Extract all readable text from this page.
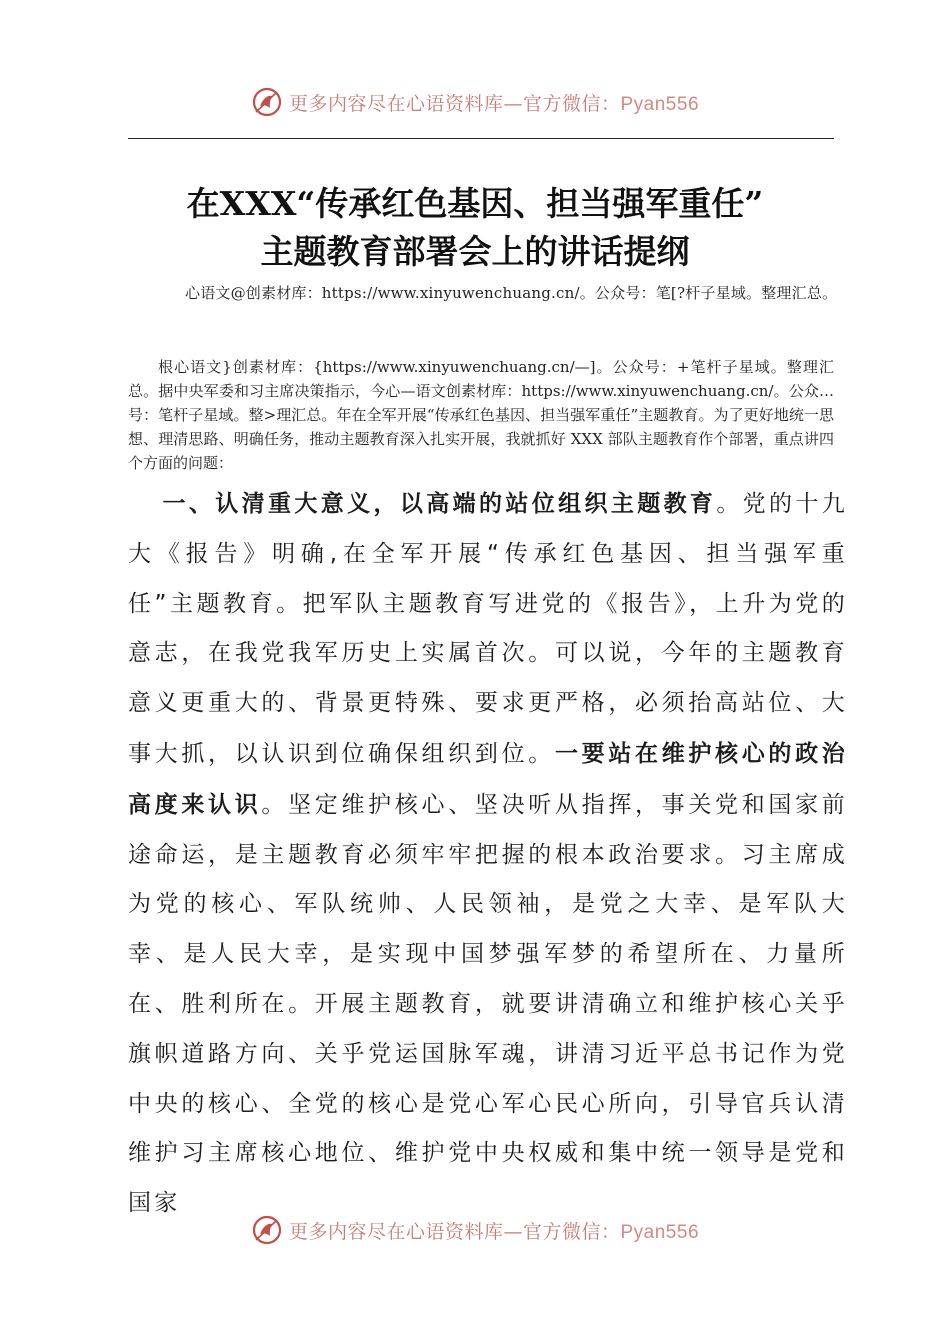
更多内容尽在心语资料库—官方微信：Pyan556
在XXX“传承红色基因、担当强军重任”
主题教育部署会上的讲话提纲
心语文@创素材库：https://www.xinyuwenchuang.cn/。公众号：笔[?杆子星域。整理汇总。

根心语文}创素材库：{https://www.xinyuwenchuang.cn/—]。公众号：+笔杆子星域。整理汇总。据中央军委和习主席决策指示，今心—语文创素材库：https://www.xinyuwenchuang.cn/。公众…号：笔杆子星域。整>理汇总。年在全军开展“传承红色基因、担当强军重任”主题教育。为了更好地统一思想、理清思路、明确任务，推动主题教育深入扎实开展，我就抓好 XXX 部队主题教育作个部署，重点讲四个方面的问题：

一、认清重大意义，以高端的站位组织主题教育。党的十九大《报告》明确,在全军开展“传承红色基因、担当强军重任”主题教育。把军队主题教育写进党的《报告》，上升为党的意志，在我党我军历史上实属首次。可以说，今年的主题教育意义更重大的、背景更特殊、要求更严格，必须抬高站位、大事大抓，以认识到位确保组织到位。一要站在维护核心的政治高度来认识。坚定维护核心、坚决听从指挥，事关党和国家前途命运，是主题教育必须牢牢把握的根本政治要求。习主席成为党的核心、军队统帅、人民领袖，是党之大幸、是军队大幸、是人民大幸，是实现中国梦强军梦的希望所在、力量所在、胜利所在。开展主题教育，就要讲清确立和维护核心关乎旗帜道路方向、关乎党运国脉军魂，讲清习近平总书记作为党中央的核心、全党的核心是党心军心民心所向，引导官兵认清维护习主席核心地位、维护党中央权威和集中统一领导是党和国家

更多内容尽在心语资料库—官方微信：Pyan556
